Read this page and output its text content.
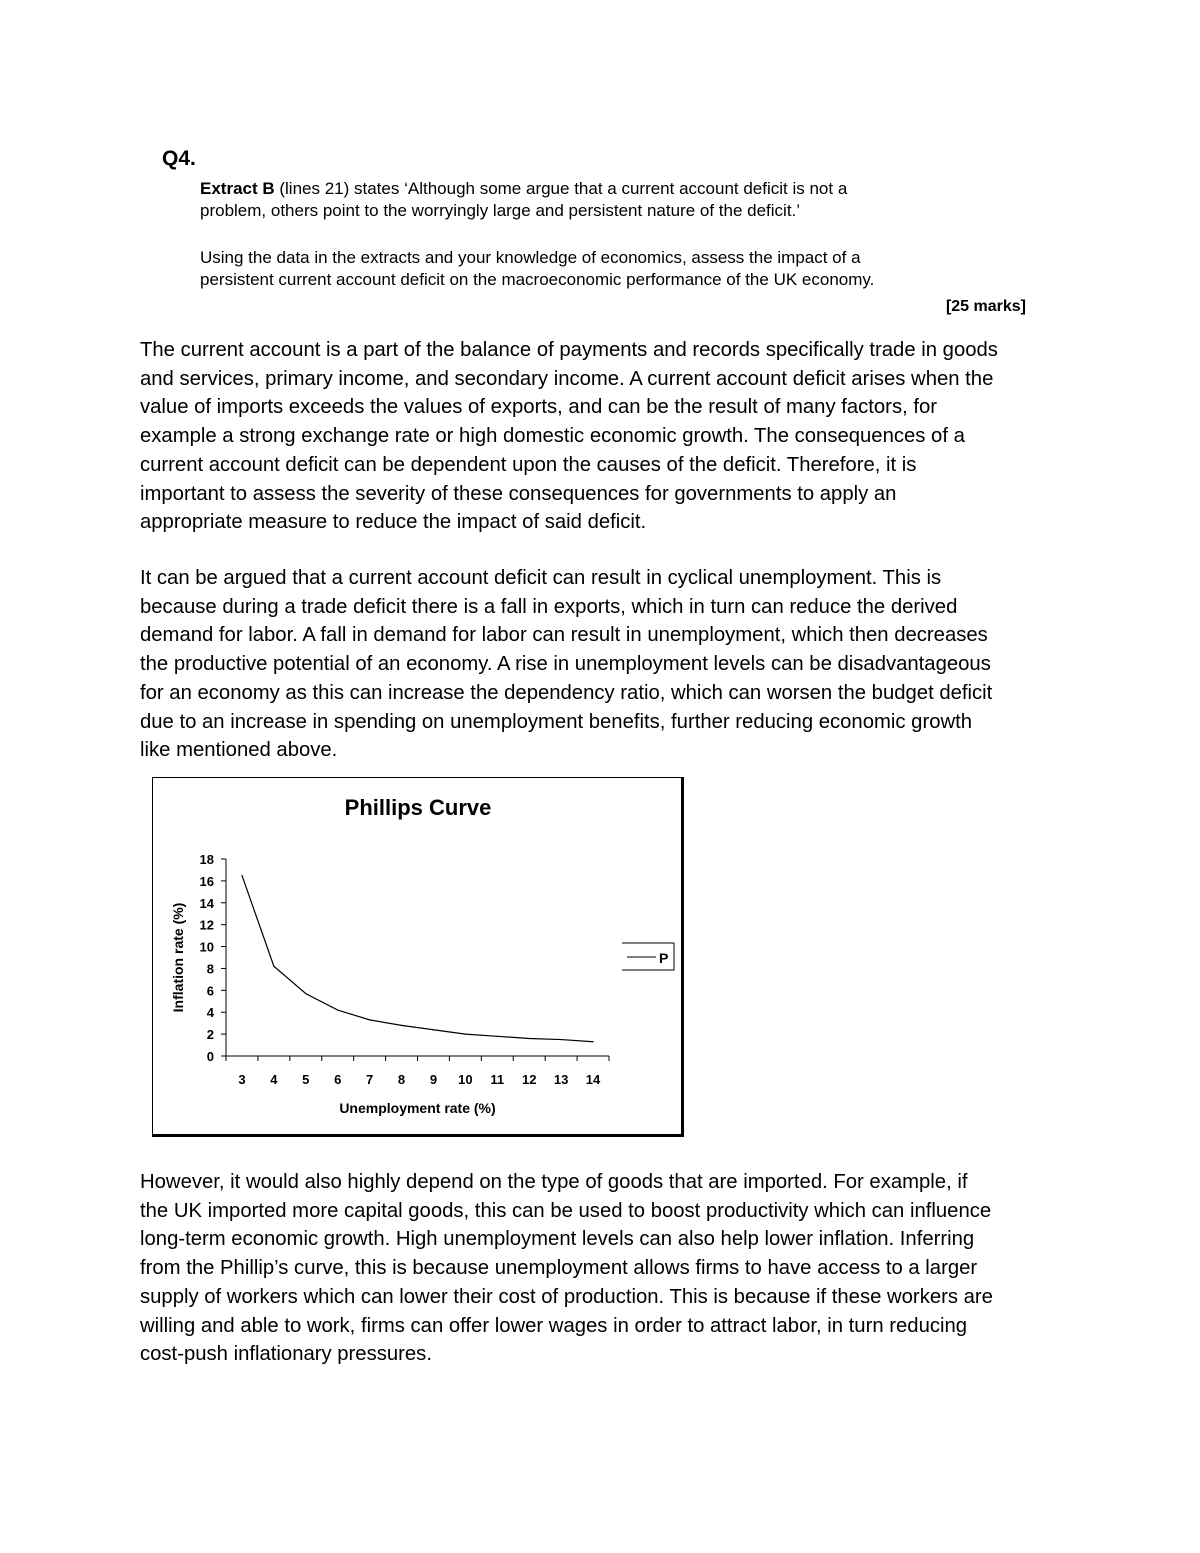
Q4.
Extract B (lines 21) states ‘Although some argue that a current account deficit is not a
problem, others point to the worryingly large and persistent nature of the deficit.’
Using the data in the extracts and your knowledge of economics, assess the impact of a
persistent current account deficit on the macroeconomic performance of the UK economy.
[25 marks]
The current account is a part of the balance of payments and records specifically trade in goods
and services, primary income, and secondary income. A current account deficit arises when the
value of imports exceeds the values of exports, and can be the result of many factors, for
example a strong exchange rate or high domestic economic growth. The consequences of a
current account deficit can be dependent upon the causes of the deficit. Therefore, it is
important to assess the severity of these consequences for governments to apply an
appropriate measure to reduce the impact of said deficit.
It can be argued that a current account deficit can result in cyclical unemployment. This is
because during a trade deficit there is a fall in exports, which in turn can reduce the derived
demand for labor. A fall in demand for labor can result in unemployment, which then decreases
the productive potential of an economy. A rise in unemployment levels can be disadvantageous
for an economy as this can increase the dependency ratio, which can worsen the budget deficit
due to an increase in spending on unemployment benefits, further reducing economic growth
like mentioned above.
However, it would also highly depend on the type of goods that are imported. For example, if
the UK imported more capital goods, this can be used to boost productivity which can influence
long-term economic growth. High unemployment levels can also help lower inflation. Inferring
from the Phillip’s curve, this is because unemployment allows firms to have access to a larger
supply of workers which can lower their cost of production. This is because if these workers are
willing and able to work, firms can offer lower wages in order to attract labor, in turn reducing
cost-push inflationary pressures.
Phillips Curve
0
2
4
6
8
10
12
14
16
18
3 4 5 6 7 8 9 10 11 12 13 14
Unemployment rate (%)
Inflation rate (%)	P
